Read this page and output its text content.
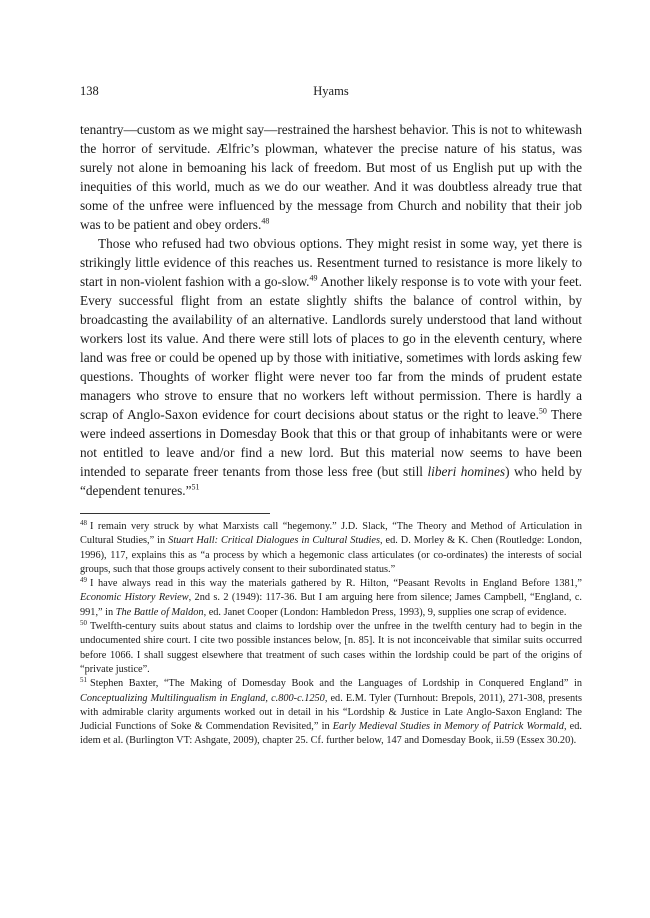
138	Hyams

tenantry—custom as we might say—restrained the harshest behavior. This is not to whitewash the horror of servitude. Ælfric’s plowman, whatever the precise nature of his status, was surely not alone in bemoaning his lack of freedom. But most of us English put up with the inequities of this world, much as we do our weather. And it was doubtless already true that some of the unfree were influenced by the message from Church and nobility that their job was to be patient and obey orders.$^{48}$

Those who refused had two obvious options. They might resist in some way, yet there is strikingly little evidence of this reaches us. Resentment turned to resistance is more likely to start in non-violent fashion with a go-slow.$^{49}$ Another likely response is to vote with your feet. Every successful flight from an estate slightly shifts the balance of control within, by broadcasting the availability of an alternative. Landlords surely understood that land without workers lost its value. And there were still lots of places to go in the eleventh century, where land was free or could be opened up by those with initiative, sometimes with lords asking few questions. Thoughts of worker flight were never too far from the minds of prudent estate managers who strove to ensure that no workers left without permission. There is hardly a scrap of Anglo-Saxon evidence for court decisions about status or the right to leave.$^{50}$ There were indeed assertions in Domesday Book that this or that group of inhabitants were or were not entitled to leave and/or find a new lord. But this material now seems to have been intended to separate freer tenants from those less free (but still liberi homines) who held by “dependent tenures.”$^{51}$

$^{48}$ I remain very struck by what Marxists call “hegemony.” J.D. Slack, “The Theory and Method of Articulation in Cultural Studies,” in Stuart Hall: Critical Dialogues in Cultural Studies, ed. D. Morley & K. Chen (Routledge: London, 1996), 117, explains this as “a process by which a hegemonic class articulates (or co-ordinates) the interests of social groups, such that those groups actively consent to their subordinated status.”

$^{49}$ I have always read in this way the materials gathered by R. Hilton, “Peasant Revolts in England Before 1381,” Economic History Review, 2nd s. 2 (1949): 117-36. But I am arguing here from silence; James Campbell, “England, c. 991,” in The Battle of Maldon, ed. Janet Cooper (London: Hambledon Press, 1993), 9, supplies one scrap of evidence.

$^{50}$ Twelfth-century suits about status and claims to lordship over the unfree in the twelfth century had to begin in the undocumented shire court. I cite two possible instances below, [n. 85]. It is not inconceivable that similar suits occurred before 1066. I shall suggest elsewhere that treatment of such cases within the lordship could be part of the origins of “private justice”.

$^{51}$ Stephen Baxter, “The Making of Domesday Book and the Languages of Lordship in Conquered England” in Conceptualizing Multilingualism in England, c.800-c.1250, ed. E.M. Tyler (Turnhout: Brepols, 2011), 271-308, presents with admirable clarity arguments worked out in detail in his “Lordship & Justice in Late Anglo-Saxon England: The Judicial Functions of Soke & Commendation Revisited,” in Early Medieval Studies in Memory of Patrick Wormald, ed. idem et al. (Burlington VT: Ashgate, 2009), chapter 25. Cf. further below, 147 and Domesday Book, ii.59 (Essex 30.20).
